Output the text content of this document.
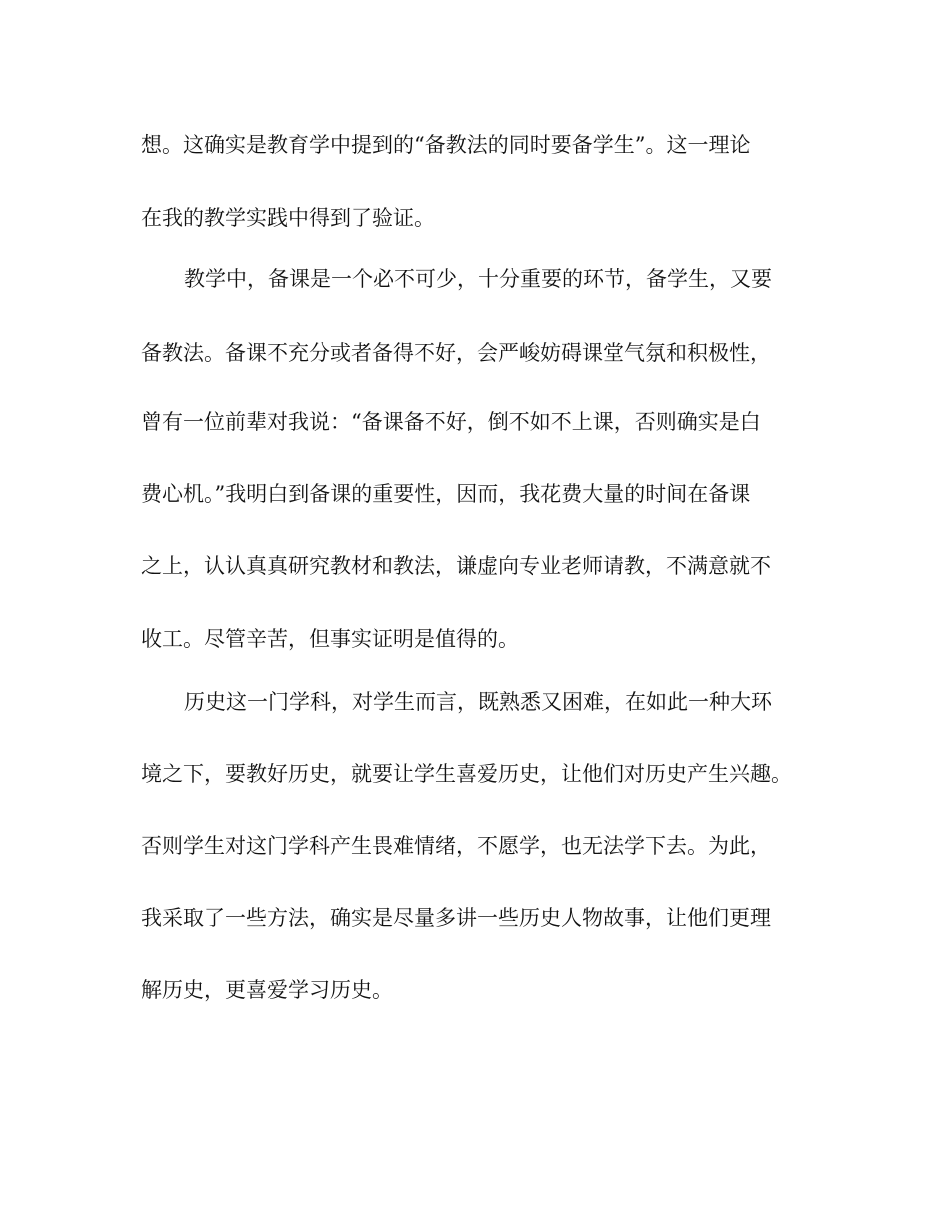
想。这确实是教育学中提到的“备教法的同时要备学生”。这一理论
在我的教学实践中得到了验证。
教学中，备课是一个必不可少，十分重要的环节，备学生，又要
备教法。备课不充分或者备得不好，会严峻妨碍课堂气氛和积极性，
曾有一位前辈对我说：“备课备不好，倒不如不上课，否则确实是白
费心机。”我明白到备课的重要性，因而，我花费大量的时间在备课
之上，认认真真研究教材和教法，谦虚向专业老师请教，不满意就不
收工。尽管辛苦，但事实证明是值得的。
历史这一门学科，对学生而言，既熟悉又困难，在如此一种大环
境之下，要教好历史，就要让学生喜爱历史，让他们对历史产生兴趣。
否则学生对这门学科产生畏难情绪，不愿学，也无法学下去。为此，
我采取了一些方法，确实是尽量多讲一些历史人物故事，让他们更理
解历史，更喜爱学习历史。
